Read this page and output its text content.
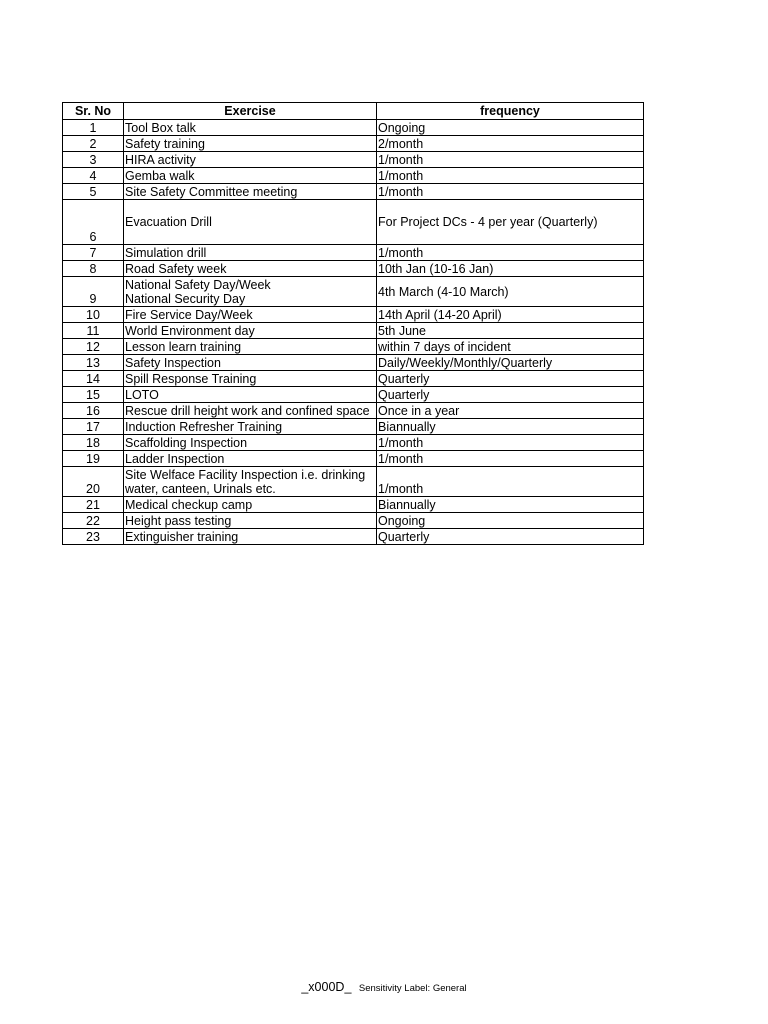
Sr. No	Exercise	frequency
1	Tool Box talk	Ongoing
2	Safety training	2/month
3	HIRA activity	1/month
4	Gemba walk	1/month
5	Site Safety Committee meeting	1/month
6	Evacuation Drill	For Project DCs - 4 per year (Quarterly)
7	Simulation drill	1/month
8	Road Safety week	10th Jan (10-16 Jan)
9	National Safety Day/Week
National Security Day	4th March (4-10 March)
10	Fire Service Day/Week	14th April (14-20 April)
11	World Environment day	5th June
12	Lesson learn training	within 7 days of incident
13	Safety Inspection	Daily/Weekly/Monthly/Quarterly
14	Spill Response Training	Quarterly
15	LOTO	Quarterly
16	Rescue drill height work and confined space	Once in a year
17	Induction Refresher Training	Biannually
18	Scaffolding Inspection	1/month
19	Ladder Inspection	1/month
20	Site Welface Facility Inspection i.e. drinking
water, canteen, Urinals etc.	1/month
21	Medical checkup camp	Biannually
22	Height pass testing	Ongoing
23	Extinguisher training	Quarterly
_x000D_ Sensitivity Label: General
